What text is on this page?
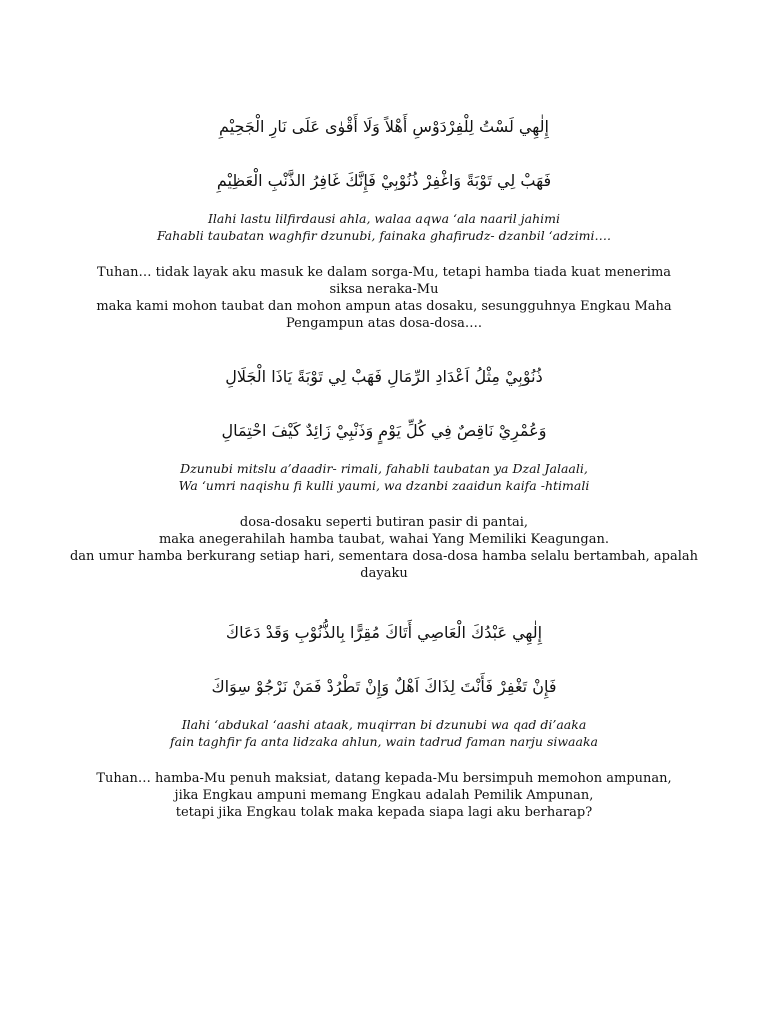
إِلٰهِي لَسْتُ لِلْفِرْدَوْسِ أَهْلاً وَلَا أَقْوٰى عَلَى نَارِ الْجَحِيْمِ
فَهَبْ لِي تَوْبَةً وَاغْفِرْ ذُنُوْبِيْ فَإِنَّكَ غَافِرُ الذَّنْبِ الْعَظِيْمِ
Ilahi lastu lilfirdausi ahla, walaa aqwa ‘ala naaril jahimi
Fahabli taubatan waghfir dzunubi, fainaka ghafirudz- dzanbil ‘adzimi….
Tuhan… tidak layak aku masuk ke dalam sorga-Mu, tetapi hamba tiada kuat menerima siksa neraka-Mu
maka kami mohon taubat dan mohon ampun atas dosaku, sesungguhnya Engkau Maha Pengampun atas dosa-dosa….
ذُنُوْبِيْ مِثْلُ اَعْدَادِ الرِّمَالِ فَهَبْ لِي تَوْبَةً يَاذَا الْجَلَالِ
وَعُمْرِيْ نَاقِصٌ فِي كُلِّ يَوْمٍ وَذَنْبِيْ زَائِدٌ كَيْفَ احْتِمَالِ
Dzunubi mitslu a’daadir- rimali, fahabli taubatan ya Dzal Jalaali,
Wa ‘umri naqishu fi kulli yaumi, wa dzanbi zaaidun kaifa -htimali
dosa-dosaku seperti butiran pasir di pantai,
maka anegerahilah hamba taubat, wahai Yang Memiliki Keagungan.
dan umur hamba berkurang setiap hari, sementara dosa-dosa hamba selalu bertambah, apalah dayaku
إِلٰهِي عَبْدُكَ الْعَاصِي أَتَاكَ مُقِرًّا بِالذُّنُوْبِ وَقَدْ دَعَاكَ
فَإِنْ تَغْفِرْ فَأَنْتَ لِذَاكَ اَهْلٌ وَإِنْ تَطْرُدْ فَمَنْ نَرْجُوْ سِوَاكَ
Ilahi ‘abdukal ‘aashi ataak, muqirran bi dzunubi wa qad di’aaka
fain taghfir fa anta lidzaka ahlun, wain tadrud faman narju siwaaka
Tuhan… hamba-Mu penuh maksiat, datang kepada-Mu bersimpuh memohon ampunan,
jika Engkau ampuni memang Engkau adalah Pemilik Ampunan,
tetapi jika Engkau tolak maka kepada siapa lagi aku berharap?
